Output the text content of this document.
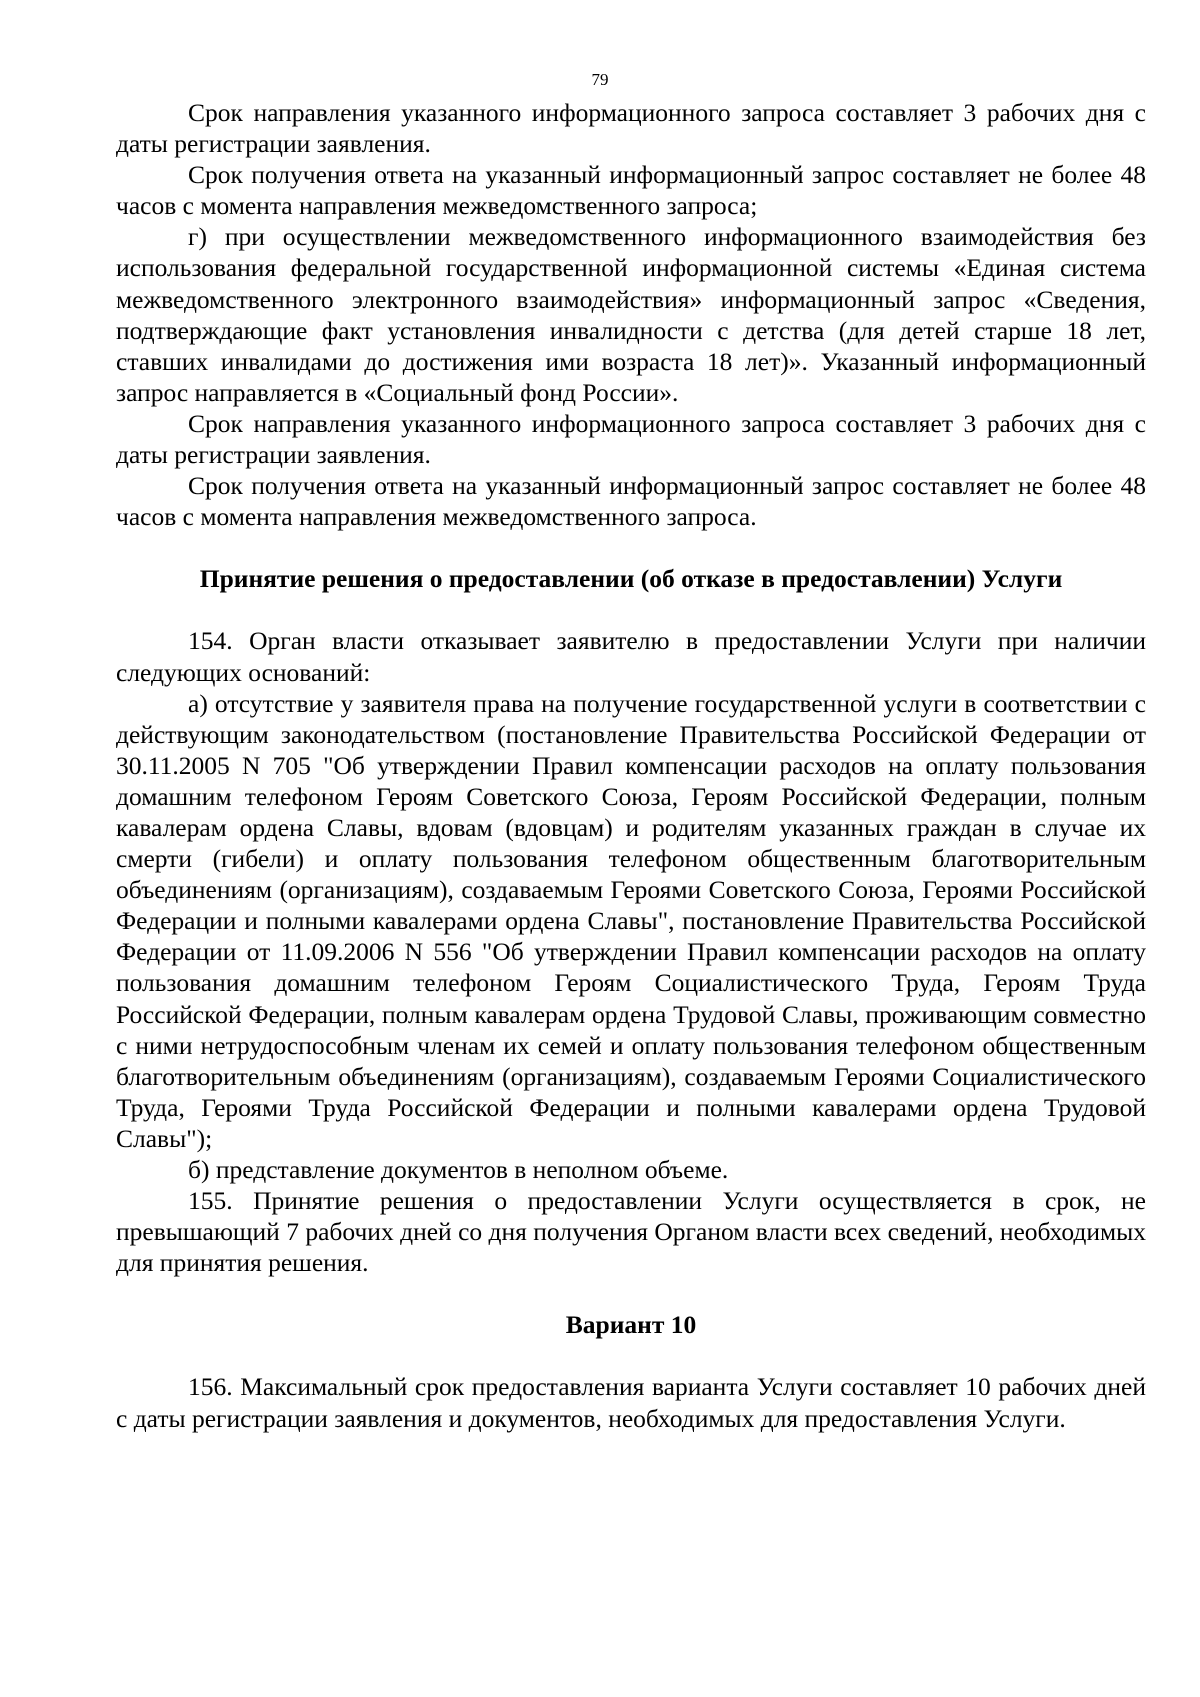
79

Срок направления указанного информационного запроса составляет 3 рабочих дня с даты регистрации заявления.

Срок получения ответа на указанный информационный запрос составляет не более 48 часов с момента направления межведомственного запроса;

г) при осуществлении межведомственного информационного взаимодействия без использования федеральной государственной информационной системы «Единая система межведомственного электронного взаимодействия» информационный запрос «Сведения, подтверждающие факт установления инвалидности с детства (для детей старше 18 лет, ставших инвалидами до достижения ими возраста 18 лет)». Указанный информационный запрос направляется в «Социальный фонд России».

Срок направления указанного информационного запроса составляет 3 рабочих дня с даты регистрации заявления.

Срок получения ответа на указанный информационный запрос составляет не более 48 часов с момента направления межведомственного запроса.

Принятие решения о предоставлении (об отказе в предоставлении) Услуги

154. Орган власти отказывает заявителю в предоставлении Услуги при наличии следующих оснований:

а) отсутствие у заявителя права на получение государственной услуги в соответствии с действующим законодательством (постановление Правительства Российской Федерации от 30.11.2005 N 705 "Об утверждении Правил компенсации расходов на оплату пользования домашним телефоном Героям Советского Союза, Героям Российской Федерации, полным кавалерам ордена Славы, вдовам (вдовцам) и родителям указанных граждан в случае их смерти (гибели) и оплату пользования телефоном общественным благотворительным объединениям (организациям), создаваемым Героями Советского Союза, Героями Российской Федерации и полными кавалерами ордена Славы", постановление Правительства Российской Федерации от 11.09.2006 N 556 "Об утверждении Правил компенсации расходов на оплату пользования домашним телефоном Героям Социалистического Труда, Героям Труда Российской Федерации, полным кавалерам ордена Трудовой Славы, проживающим совместно с ними нетрудоспособным членам их семей и оплату пользования телефоном общественным благотворительным объединениям (организациям), создаваемым Героями Социалистического Труда, Героями Труда Российской Федерации и полными кавалерами ордена Трудовой Славы");

б) представление документов в неполном объеме.

155. Принятие решения о предоставлении Услуги осуществляется в срок, не превышающий 7 рабочих дней со дня получения Органом власти всех сведений, необходимых для принятия решения.

Вариант 10

156. Максимальный срок предоставления варианта Услуги составляет 10 рабочих дней с даты регистрации заявления и документов, необходимых для предоставления Услуги.
